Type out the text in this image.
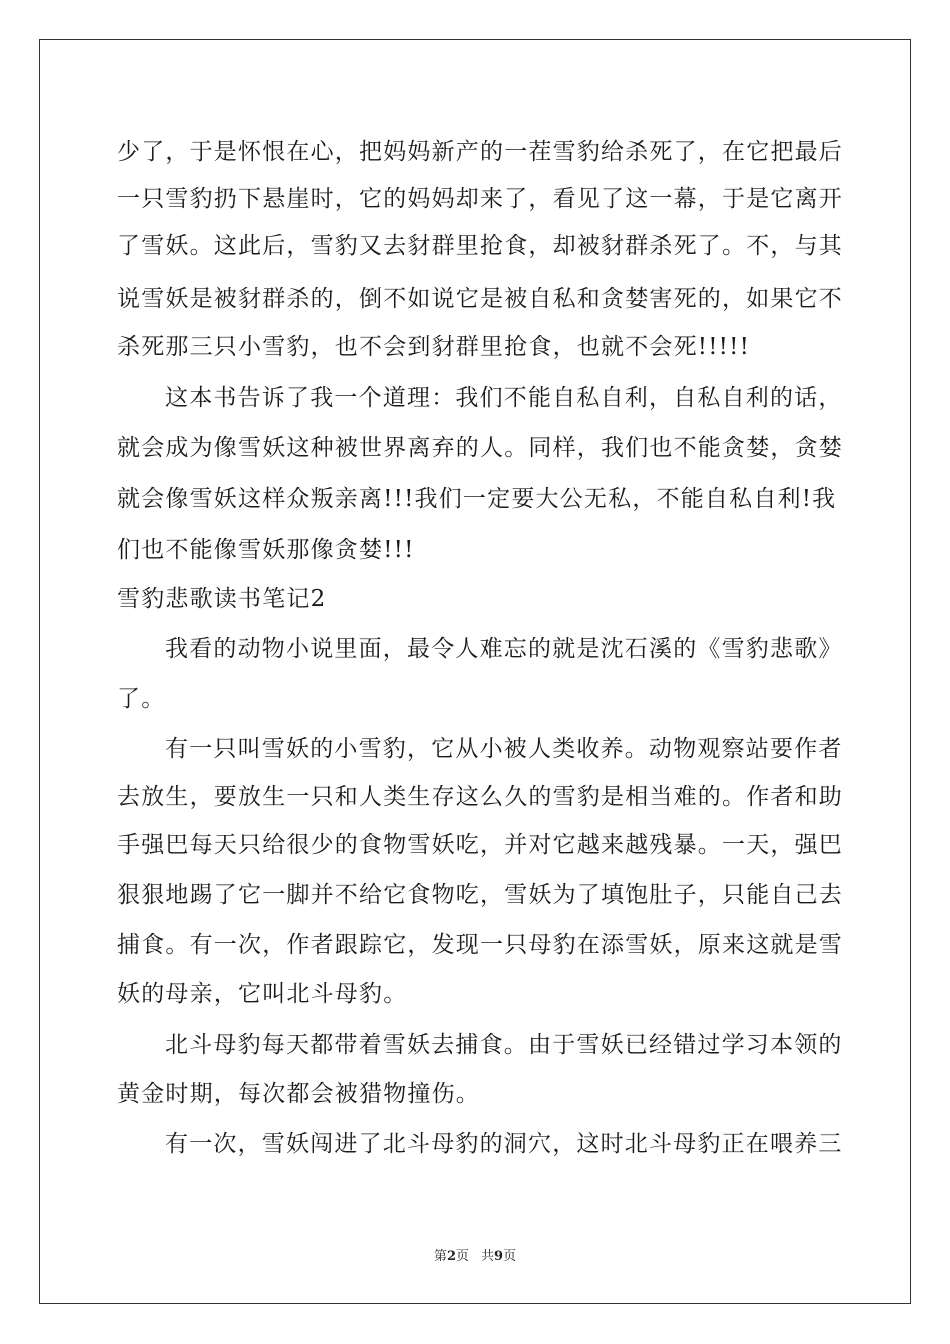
少了，于是怀恨在心，把妈妈新产的一茬雪豹给杀死了，在它把最后
一只雪豹扔下悬崖时，它的妈妈却来了，看见了这一幕，于是它离开
了雪妖。这此后，雪豹又去豺群里抢食，却被豺群杀死了。不，与其
说雪妖是被豺群杀的，倒不如说它是被自私和贪婪害死的，如果它不
杀死那三只小雪豹，也不会到豺群里抢食，也就不会死!!!!!
这本书告诉了我一个道理：我们不能自私自利，自私自利的话，
就会成为像雪妖这种被世界离弃的人。同样，我们也不能贪婪，贪婪
就会像雪妖这样众叛亲离!!!我们一定要大公无私，不能自私自利!我
们也不能像雪妖那像贪婪!!!
雪豹悲歌读书笔记2
我看的动物小说里面，最令人难忘的就是沈石溪的《雪豹悲歌》
了。
有一只叫雪妖的小雪豹，它从小被人类收养。动物观察站要作者
去放生，要放生一只和人类生存这么久的雪豹是相当难的。作者和助
手强巴每天只给很少的食物雪妖吃，并对它越来越残暴。一天，强巴
狠狠地踢了它一脚并不给它食物吃，雪妖为了填饱肚子，只能自己去
捕食。有一次，作者跟踪它，发现一只母豹在添雪妖，原来这就是雪
妖的母亲，它叫北斗母豹。
北斗母豹每天都带着雪妖去捕食。由于雪妖已经错过学习本领的
黄金时期，每次都会被猎物撞伤。
有一次，雪妖闯进了北斗母豹的洞穴，这时北斗母豹正在喂养三
第2页 共9页
